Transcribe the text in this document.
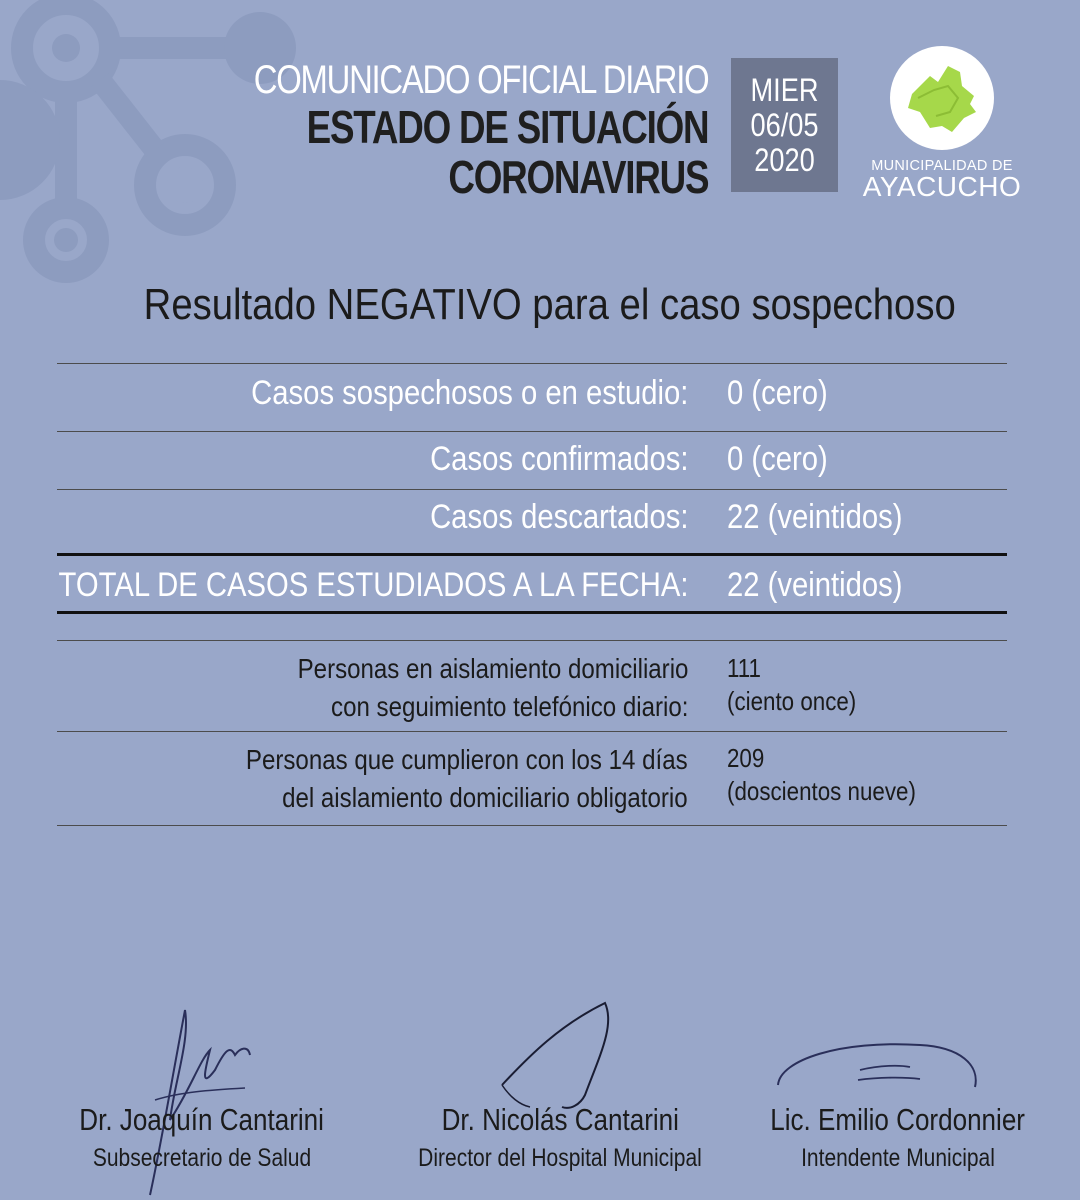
COMUNICADO OFICIAL DIARIO
ESTADO DE SITUACIÓN
CORONAVIRUS
MIER
06/05
2020	MUNICIPALIDAD DE
AYACUCHO
Resultado NEGATIVO para el caso sospechoso
Casos sospechosos o en estudio: 0 (cero)
Casos confirmados: 0 (cero)
Casos descartados: 22 (veintidos)
TOTAL DE CASOS ESTUDIADOS A LA FECHA: 22 (veintidos)
Personas en aislamiento domiciliario
con seguimiento telefónico diario:
111
(ciento once)
Personas que cumplieron con los 14 días
del aislamiento domiciliario obligatorio
209
(doscientos nueve)
Dr. Joaquín Cantarini
Subsecretario de Salud
Dr. Nicolás Cantarini
Director del Hospital Municipal
Lic. Emilio Cordonnier
Intendente Municipal
